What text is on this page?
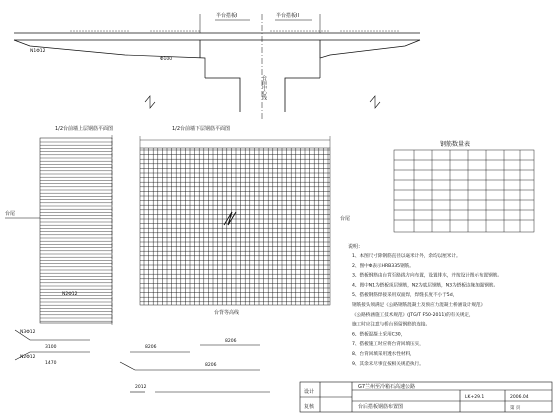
半台搭板I	半台搭板II
N1Φ12
Φ100
台前中心线
1/2台前墙上层钢筋平面图
台尾
N2Φ12
1/2台前墙下层钢筋平面图
台尾
台背等高线
N3Φ12
N2Φ12
3100
1470
8206
8206
8206
2012
钢筋数量表
说明：
1、本图尺寸除钢筋直径以毫米计外，余均以厘米计。
2、图中Φ表示HRB335钢筋。
3、搭板钢筋由台背至路线方向布置，设置排水，并按设计图示布置钢筋。
4、图中N1为搭板顶层钢筋，N2为底层钢筋，N3为搭板边缘加强钢筋。
5、搭板钢筋焊接采用双面焊，焊缝长度不小于5d，
钢筋接头须满足《公路钢筋混凝土及预应力混凝土桥涵设计规范》
《公路桥涵施工技术规范》(JTG/T F50-2011)的有关规定，
施工时应注意与桥台预留钢筋的连接。
6、搭板混凝土采用C30，
7、搭板施工时应将台背回填压实，
8、台背回填采用透水性材料，
9、其余未尽事宜按相关规范执行。
设计
复核
G7兰州至冷箱石高速公路
台后搭板钢筋布置图
LK+29.1	2006.04
第 页
